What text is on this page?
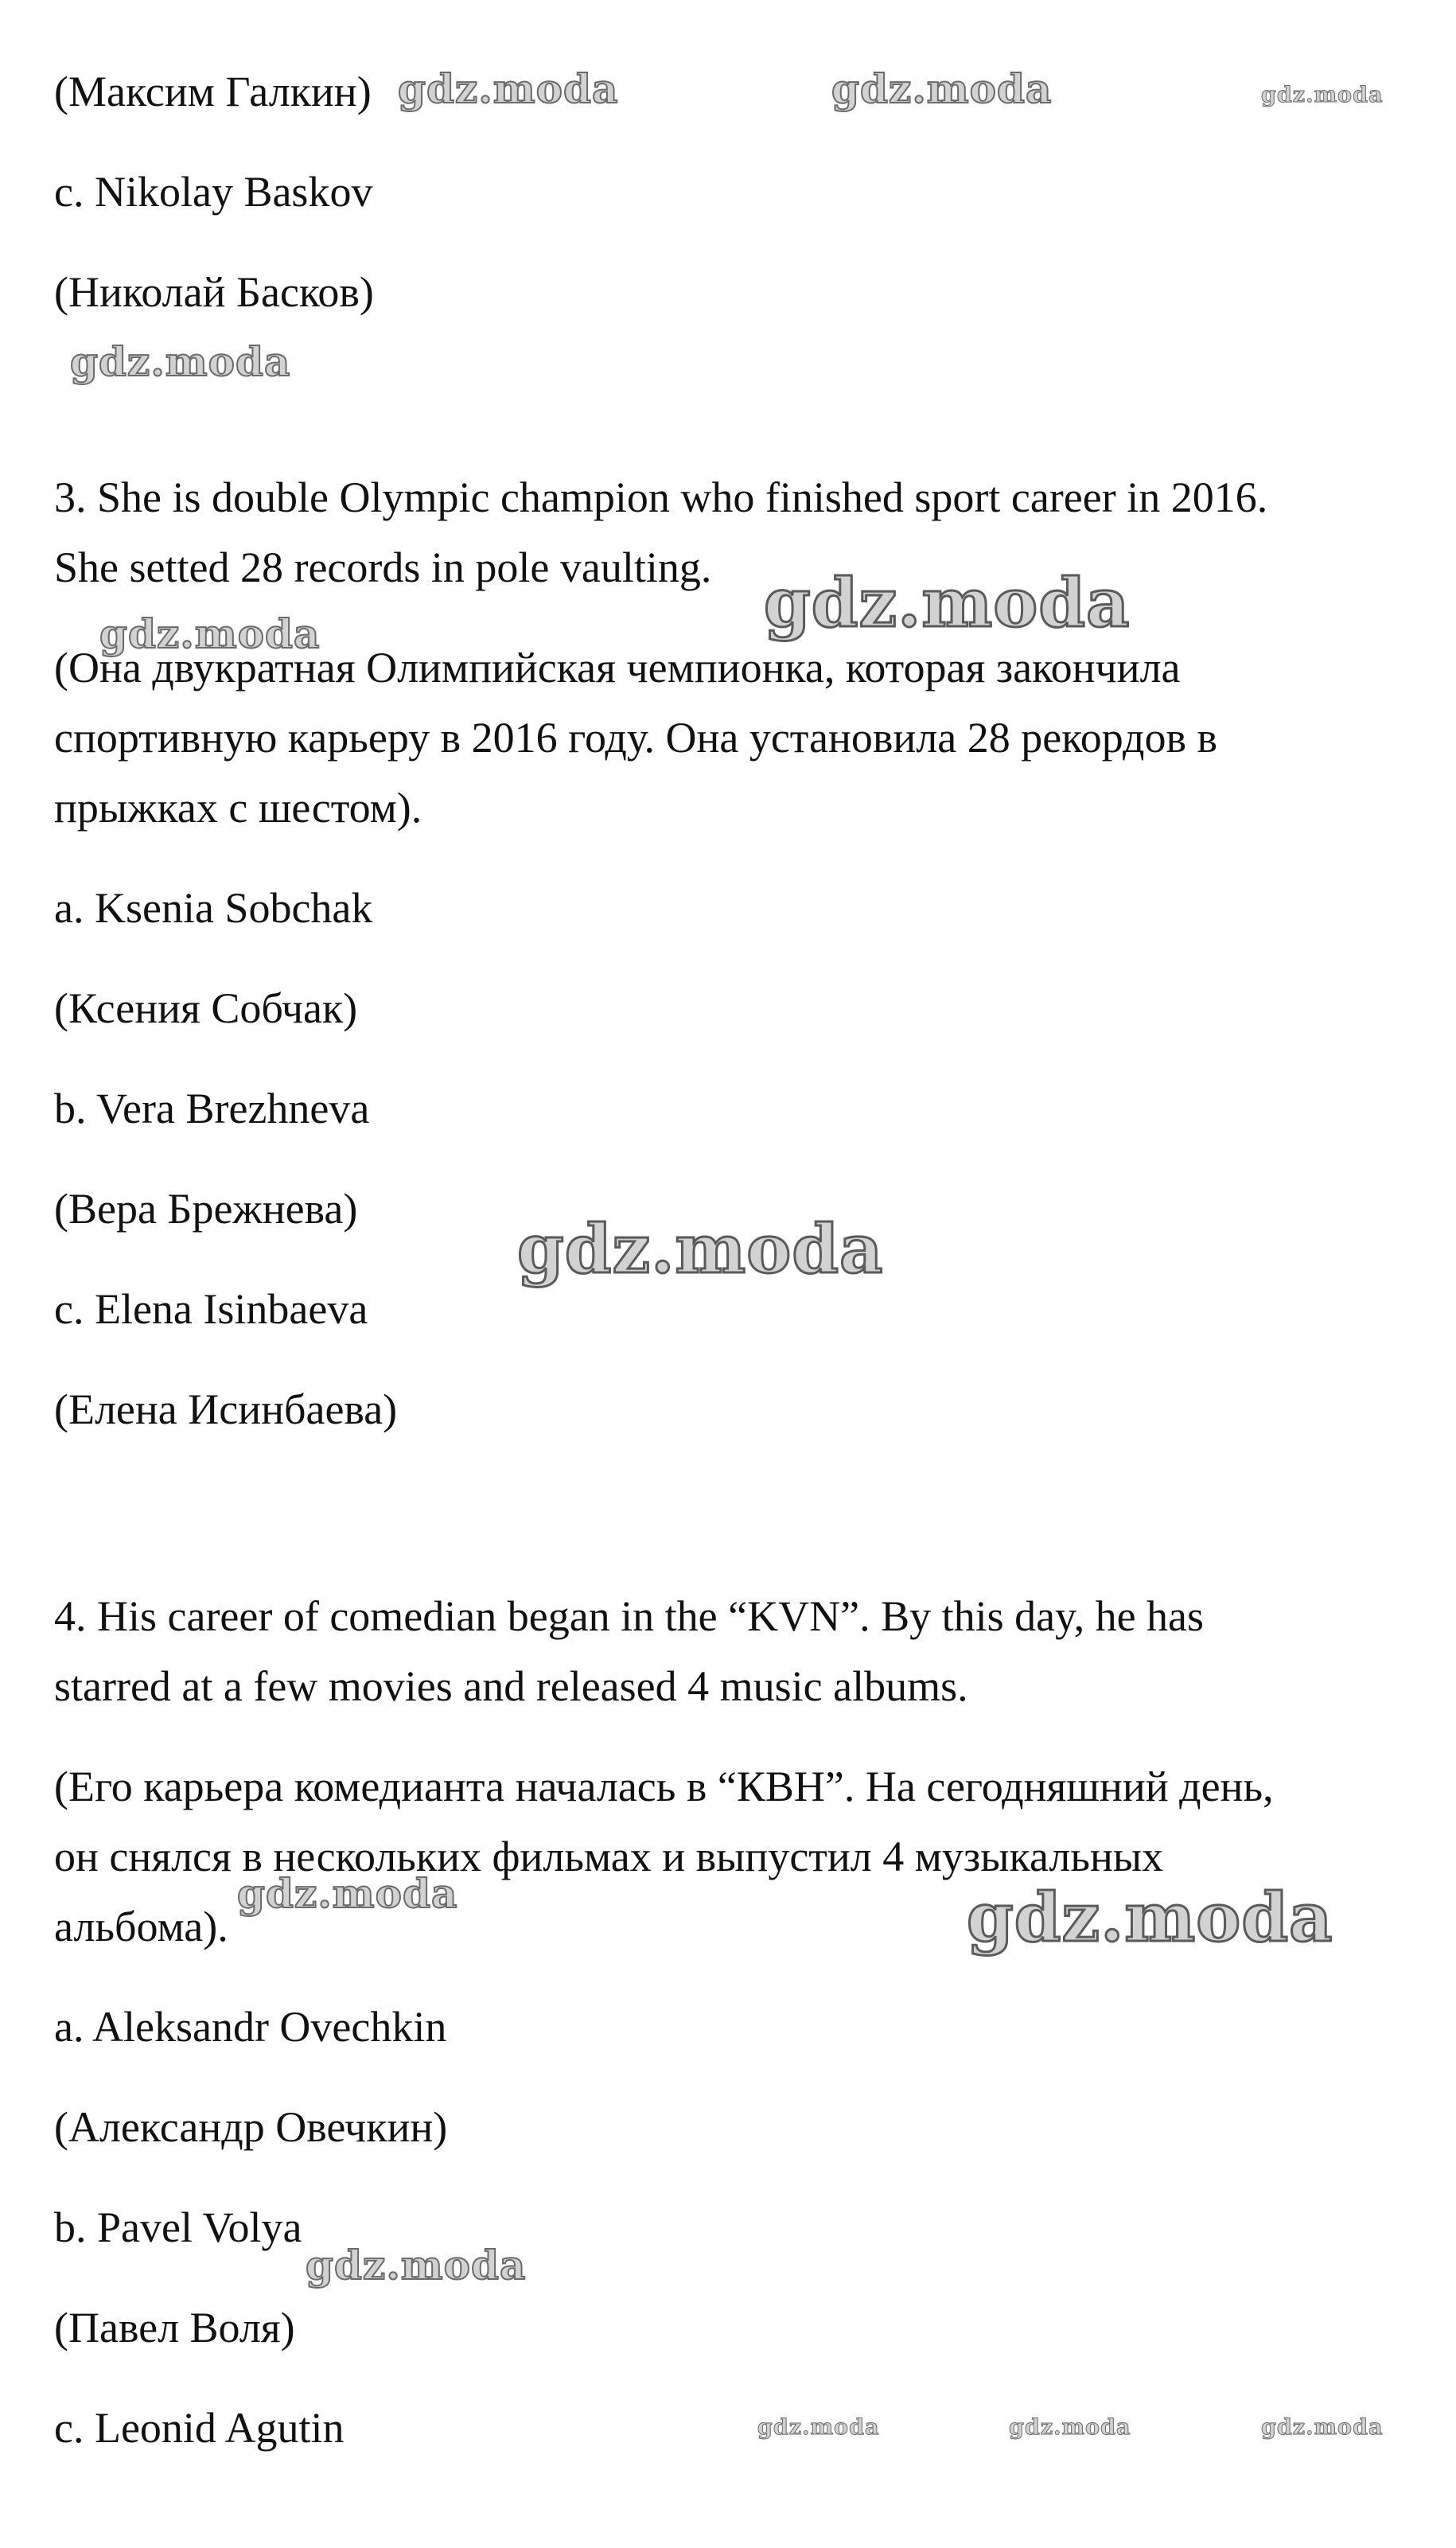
(Максим Галкин)
c. Nikolay Baskov
(Николай Басков)
3. She is double Olympic champion who finished sport career in 2016.
She setted 28 records in pole vaulting.
(Она двукратная Олимпийская чемпионка, которая закончила
спортивную карьеру в 2016 году. Она установила 28 рекордов в
прыжках с шестом).
a. Ksenia Sobchak
(Ксения Собчак)
b. Vera Brezhneva
(Вера Брежнева)
c. Elena Isinbaeva
(Елена Исинбаева)
4. His career of comedian began in the “KVN”. By this day, he has
starred at a few movies and released 4 music albums.
(Его карьера комедианта началась в “КВН”. На сегодняшний день,
он снялся в нескольких фильмах и выпустил 4 музыкальных
альбома).
a. Aleksandr Ovechkin
(Александр Овечкин)
b. Pavel Volya
(Павел Воля)
c. Leonid Agutin
gdz.moda	gdz.moda	gdz.moda
gdz.moda
gdz.moda	gdz.moda
gdz.moda
gdz.moda	gdz.moda
gdz.moda
gdz.moda	gdz.moda	gdz.moda
